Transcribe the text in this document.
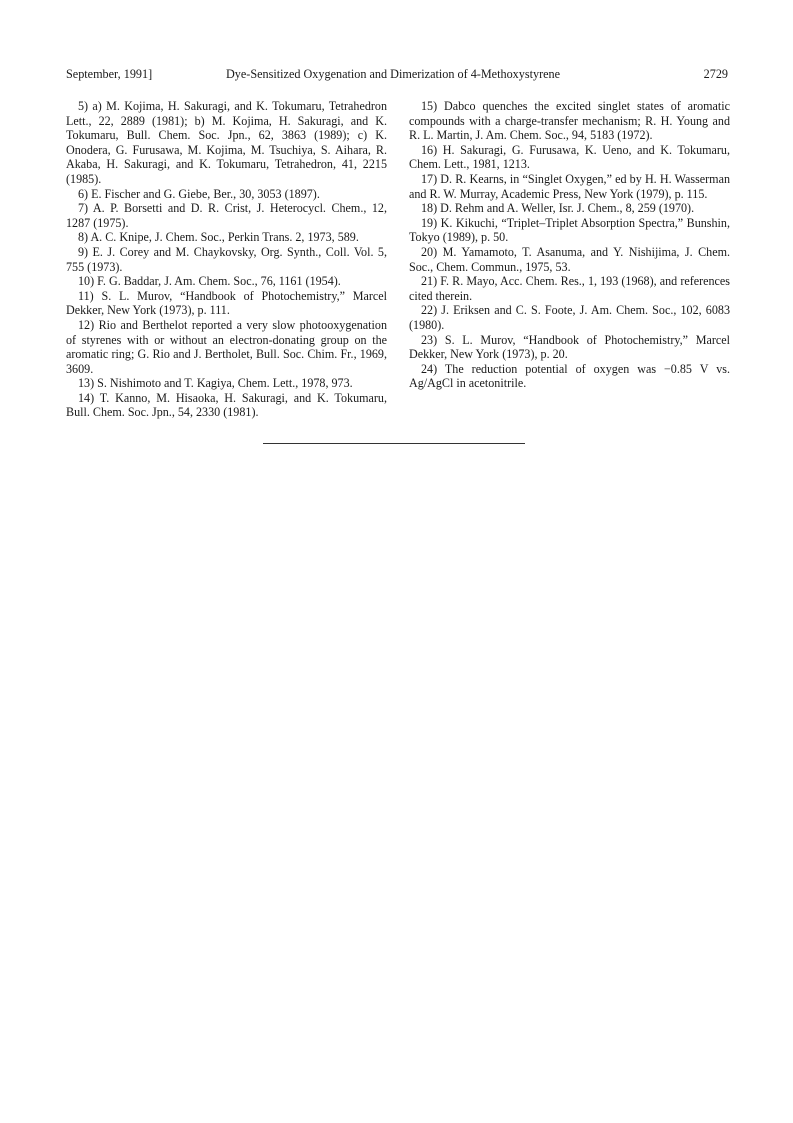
September, 1991]	Dye-Sensitized Oxygenation and Dimerization of 4-Methoxystyrene	2729

5) a) M. Kojima, H. Sakuragi, and K. Tokumaru, Tetrahedron Lett., 22, 2889 (1981); b) M. Kojima, H. Sakuragi, and K. Tokumaru, Bull. Chem. Soc. Jpn., 62, 3863 (1989); c) K. Onodera, G. Furusawa, M. Kojima, M. Tsuchiya, S. Aihara, R. Akaba, H. Sakuragi, and K. Tokumaru, Tetrahedron, 41, 2215 (1985).

6) E. Fischer and G. Giebe, Ber., 30, 3053 (1897).

7) A. P. Borsetti and D. R. Crist, J. Heterocycl. Chem., 12, 1287 (1975).

8) A. C. Knipe, J. Chem. Soc., Perkin Trans. 2, 1973, 589.

9) E. J. Corey and M. Chaykovsky, Org. Synth., Coll. Vol. 5, 755 (1973).

10) F. G. Baddar, J. Am. Chem. Soc., 76, 1161 (1954).

11) S. L. Murov, “Handbook of Photochemistry,” Marcel Dekker, New York (1973), p. 111.

12) Rio and Berthelot reported a very slow photooxygenation of styrenes with or without an electron-donating group on the aromatic ring; G. Rio and J. Bertholet, Bull. Soc. Chim. Fr., 1969, 3609.

13) S. Nishimoto and T. Kagiya, Chem. Lett., 1978, 973.

14) T. Kanno, M. Hisaoka, H. Sakuragi, and K. Tokumaru, Bull. Chem. Soc. Jpn., 54, 2330 (1981).

15) Dabco quenches the excited singlet states of aromatic compounds with a charge-transfer mechanism; R. H. Young and R. L. Martin, J. Am. Chem. Soc., 94, 5183 (1972).

16) H. Sakuragi, G. Furusawa, K. Ueno, and K. Tokumaru, Chem. Lett., 1981, 1213.

17) D. R. Kearns, in “Singlet Oxygen,” ed by H. H. Wasserman and R. W. Murray, Academic Press, New York (1979), p. 115.

18) D. Rehm and A. Weller, Isr. J. Chem., 8, 259 (1970).

19) K. Kikuchi, “Triplet–Triplet Absorption Spectra,” Bunshin, Tokyo (1989), p. 50.

20) M. Yamamoto, T. Asanuma, and Y. Nishijima, J. Chem. Soc., Chem. Commun., 1975, 53.

21) F. R. Mayo, Acc. Chem. Res., 1, 193 (1968), and references cited therein.

22) J. Eriksen and C. S. Foote, J. Am. Chem. Soc., 102, 6083 (1980).

23) S. L. Murov, “Handbook of Photochemistry,” Marcel Dekker, New York (1973), p. 20.

24) The reduction potential of oxygen was −0.85 V vs. Ag/AgCl in acetonitrile.
